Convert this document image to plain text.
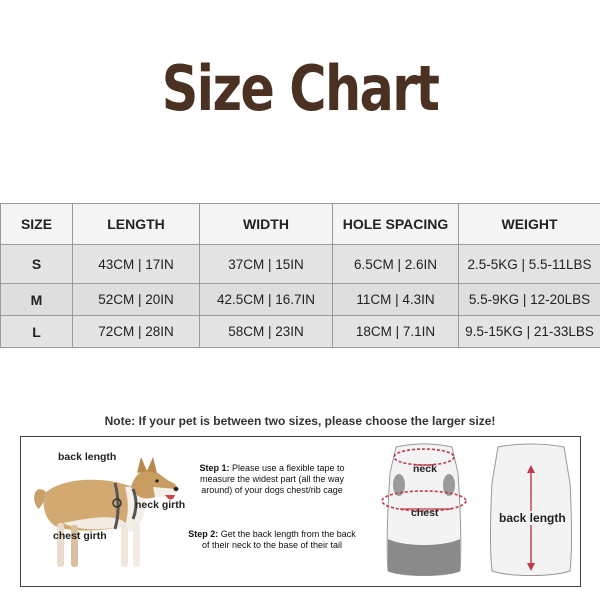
Size Chart
SIZE	LENGTH	WIDTH	HOLE SPACING	WEIGHT
S	43CM | 17IN	37CM | 15IN	6.5CM | 2.6IN	2.5-5KG | 5.5-11LBS
M	52CM | 20IN	42.5CM | 16.7IN	11CM | 4.3IN	5.5-9KG | 12-20LBS
L	72CM | 28IN	58CM | 23IN	18CM | 7.1IN	9.5-15KG | 21-33LBS
Note: If your pet is between two sizes, please choose the larger size!
back length
neck girth
chest girth
Step 1: Please use a flexible tape to measure the widest part (all the way around) of your dogs chest/rib cage
Step 2: Get the back length from the back of their neck to the base of their tail
neck
chest	back length
